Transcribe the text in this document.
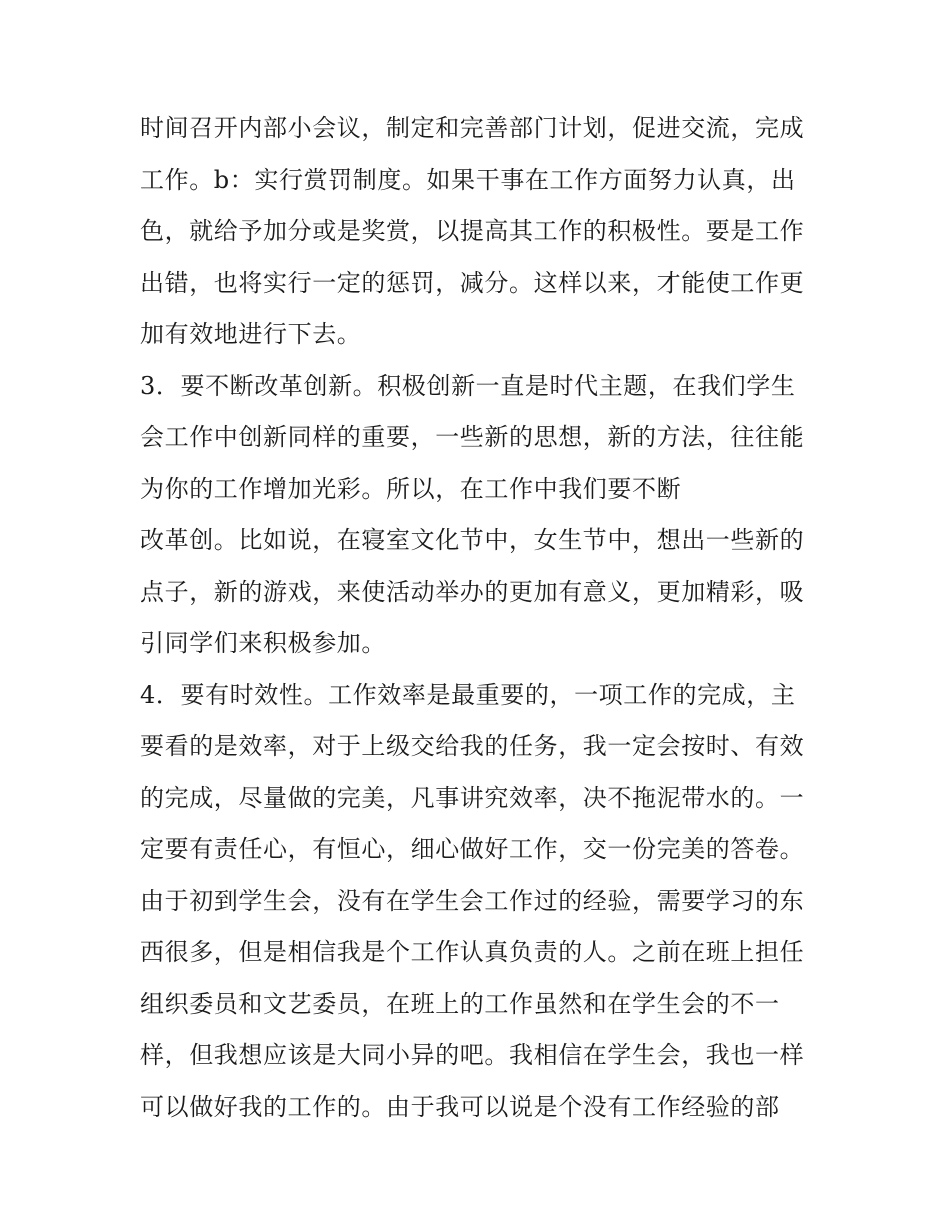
时间召开内部小会议，制定和完善部门计划，促进交流，完成
工作。b：实行赏罚制度。如果干事在工作方面努力认真，出
色，就给予加分或是奖赏，以提高其工作的积极性。要是工作
出错，也将实行一定的惩罚，减分。这样以来，才能使工作更
加有效地进行下去。
3．要不断改革创新。积极创新一直是时代主题，在我们学生
会工作中创新同样的重要，一些新的思想，新的方法，往往能
为你的工作增加光彩。所以，在工作中我们要不断
改革创。比如说，在寝室文化节中，女生节中，想出一些新的
点子，新的游戏，来使活动举办的更加有意义，更加精彩，吸
引同学们来积极参加。
4．要有时效性。工作效率是最重要的，一项工作的完成，主
要看的是效率，对于上级交给我的任务，我一定会按时、有效
的完成，尽量做的完美，凡事讲究效率，决不拖泥带水的。一
定要有责任心，有恒心，细心做好工作，交一份完美的答卷。
由于初到学生会，没有在学生会工作过的经验，需要学习的东
西很多，但是相信我是个工作认真负责的人。之前在班上担任
组织委员和文艺委员，在班上的工作虽然和在学生会的不一
样，但我想应该是大同小异的吧。我相信在学生会，我也一样
可以做好我的工作的。由于我可以说是个没有工作经验的部
